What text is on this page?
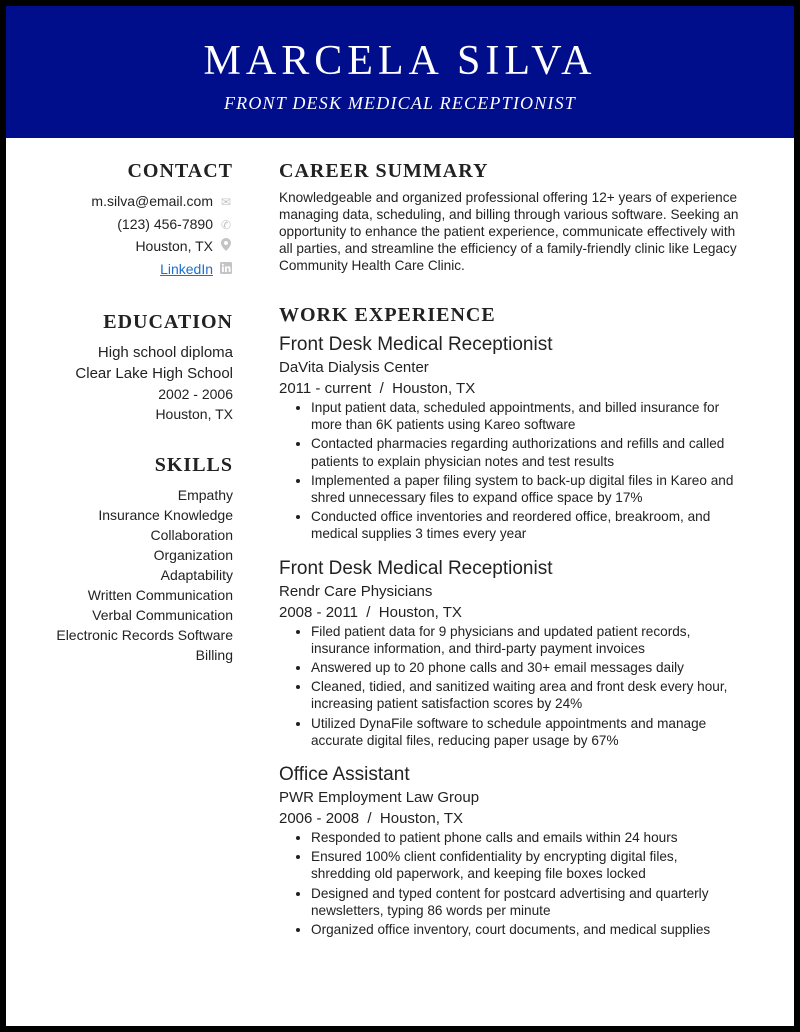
MARCELA SILVA
FRONT DESK MEDICAL RECEPTIONIST
CONTACT
m.silva@email.com ✉
(123) 456-7890 ✆
Houston, TX
LinkedIn
EDUCATION
High school diploma
Clear Lake High School
2002 - 2006
Houston, TX
SKILLS
Empathy
Insurance Knowledge
Collaboration
Organization
Adaptability
Written Communication
Verbal Communication
Electronic Records Software
Billing
CAREER SUMMARY
Knowledgeable and organized professional offering 12+ years of experience managing data, scheduling, and billing through various software. Seeking an opportunity to enhance the patient experience, communicate effectively with all parties, and streamline the efficiency of a family-friendly clinic like Legacy Community Health Care Clinic.
WORK EXPERIENCE
Front Desk Medical Receptionist
DaVita Dialysis Center
2011 - current  /  Houston, TX
• Input patient data, scheduled appointments, and billed insurance for more than 6K patients using Kareo software
• Contacted pharmacies regarding authorizations and refills and called patients to explain physician notes and test results
• Implemented a paper filing system to back-up digital files in Kareo and shred unnecessary files to expand office space by 17%
• Conducted office inventories and reordered office, breakroom, and medical supplies 3 times every year
Front Desk Medical Receptionist
Rendr Care Physicians
2008 - 2011  /  Houston, TX
• Filed patient data for 9 physicians and updated patient records, insurance information, and third-party payment invoices
• Answered up to 20 phone calls and 30+ email messages daily
• Cleaned, tidied, and sanitized waiting area and front desk every hour, increasing patient satisfaction scores by 24%
• Utilized DynaFile software to schedule appointments and manage accurate digital files, reducing paper usage by 67%
Office Assistant
PWR Employment Law Group
2006 - 2008  /  Houston, TX
• Responded to patient phone calls and emails within 24 hours
• Ensured 100% client confidentiality by encrypting digital files, shredding old paperwork, and keeping file boxes locked
• Designed and typed content for postcard advertising and quarterly newsletters, typing 86 words per minute
• Organized office inventory, court documents, and medical supplies
